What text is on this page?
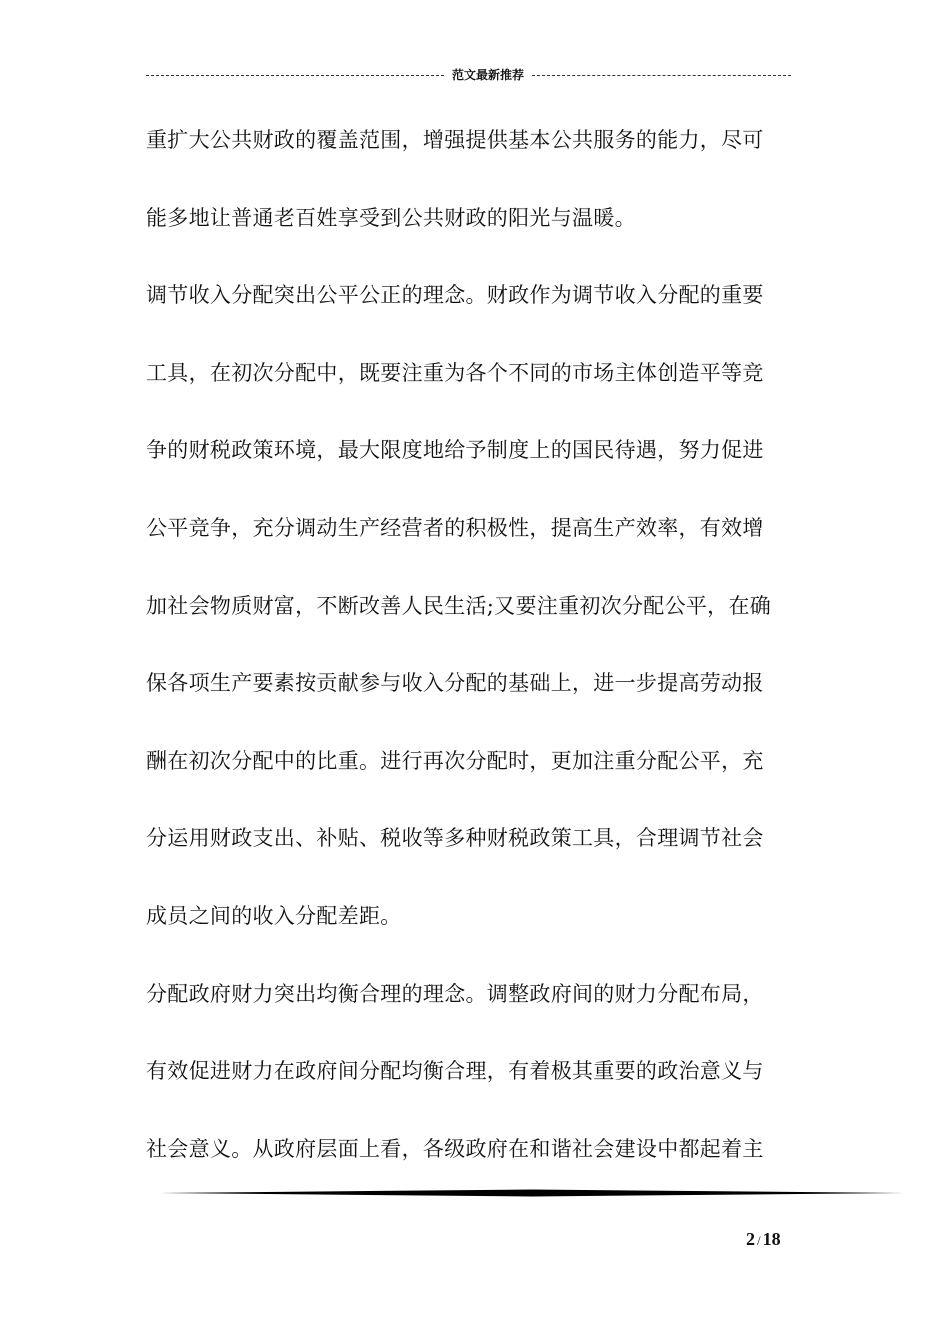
范文最新推荐
重扩大公共财政的覆盖范围，增强提供基本公共服务的能力，尽可
能多地让普通老百姓享受到公共财政的阳光与温暖。
调节收入分配突出公平公正的理念。财政作为调节收入分配的重要
工具，在初次分配中，既要注重为各个不同的市场主体创造平等竞
争的财税政策环境，最大限度地给予制度上的国民待遇，努力促进
公平竞争，充分调动生产经营者的积极性，提高生产效率，有效增
加社会物质财富，不断改善人民生活;又要注重初次分配公平，在确
保各项生产要素按贡献参与收入分配的基础上，进一步提高劳动报
酬在初次分配中的比重。进行再次分配时，更加注重分配公平，充
分运用财政支出、补贴、税收等多种财税政策工具，合理调节社会
成员之间的收入分配差距。
分配政府财力突出均衡合理的理念。调整政府间的财力分配布局，
有效促进财力在政府间分配均衡合理，有着极其重要的政治意义与
社会意义。从政府层面上看，各级政府在和谐社会建设中都起着主
2 / 18
